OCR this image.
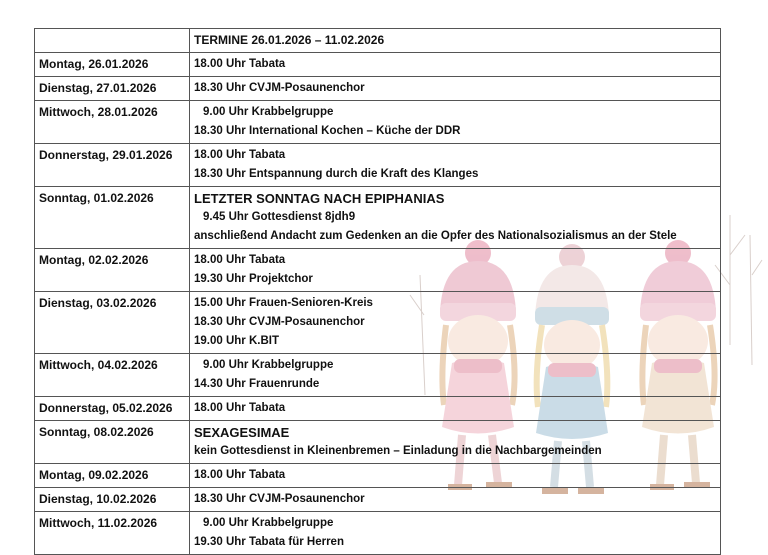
	TERMINE 26.01.2026 – 11.02.2026
Montag, 26.01.2026	18.00 Uhr Tabata

Dienstag, 27.01.2026	18.30 Uhr CVJM-Posaunenchor

Mittwoch, 28.01.2026	9.00 Uhr Krabbelgruppe
18.30 Uhr International Kochen – Küche der DDR

Donnerstag, 29.01.2026	18.00 Uhr Tabata
18.30 Uhr Entspannung durch die Kraft des Klanges

Sonntag, 01.02.2026	LETZTER SONNTAG NACH EPIPHANIAS
9.45 Uhr Gottesdienst 8jdh9
anschließend Andacht zum Gedenken an die Opfer des Nationalsozialismus an der Stele

Montag, 02.02.2026	18.00 Uhr Tabata
19.30 Uhr Projektchor

Dienstag, 03.02.2026	15.00 Uhr Frauen-Senioren-Kreis
18.30 Uhr CVJM-Posaunenchor
19.00 Uhr K.BIT

Mittwoch, 04.02.2026	9.00 Uhr Krabbelgruppe
14.30 Uhr Frauenrunde

Donnerstag, 05.02.2026	18.00 Uhr Tabata

Sonntag, 08.02.2026	SEXAGESIMAE
kein Gottesdienst in Kleinenbremen – Einladung in die Nachbargemeinden

Montag, 09.02.2026	18.00 Uhr Tabata

Dienstag, 10.02.2026	18.30 Uhr CVJM-Posaunenchor

Mittwoch, 11.02.2026	9.00 Uhr Krabbelgruppe
19.30 Uhr Tabata für Herren
